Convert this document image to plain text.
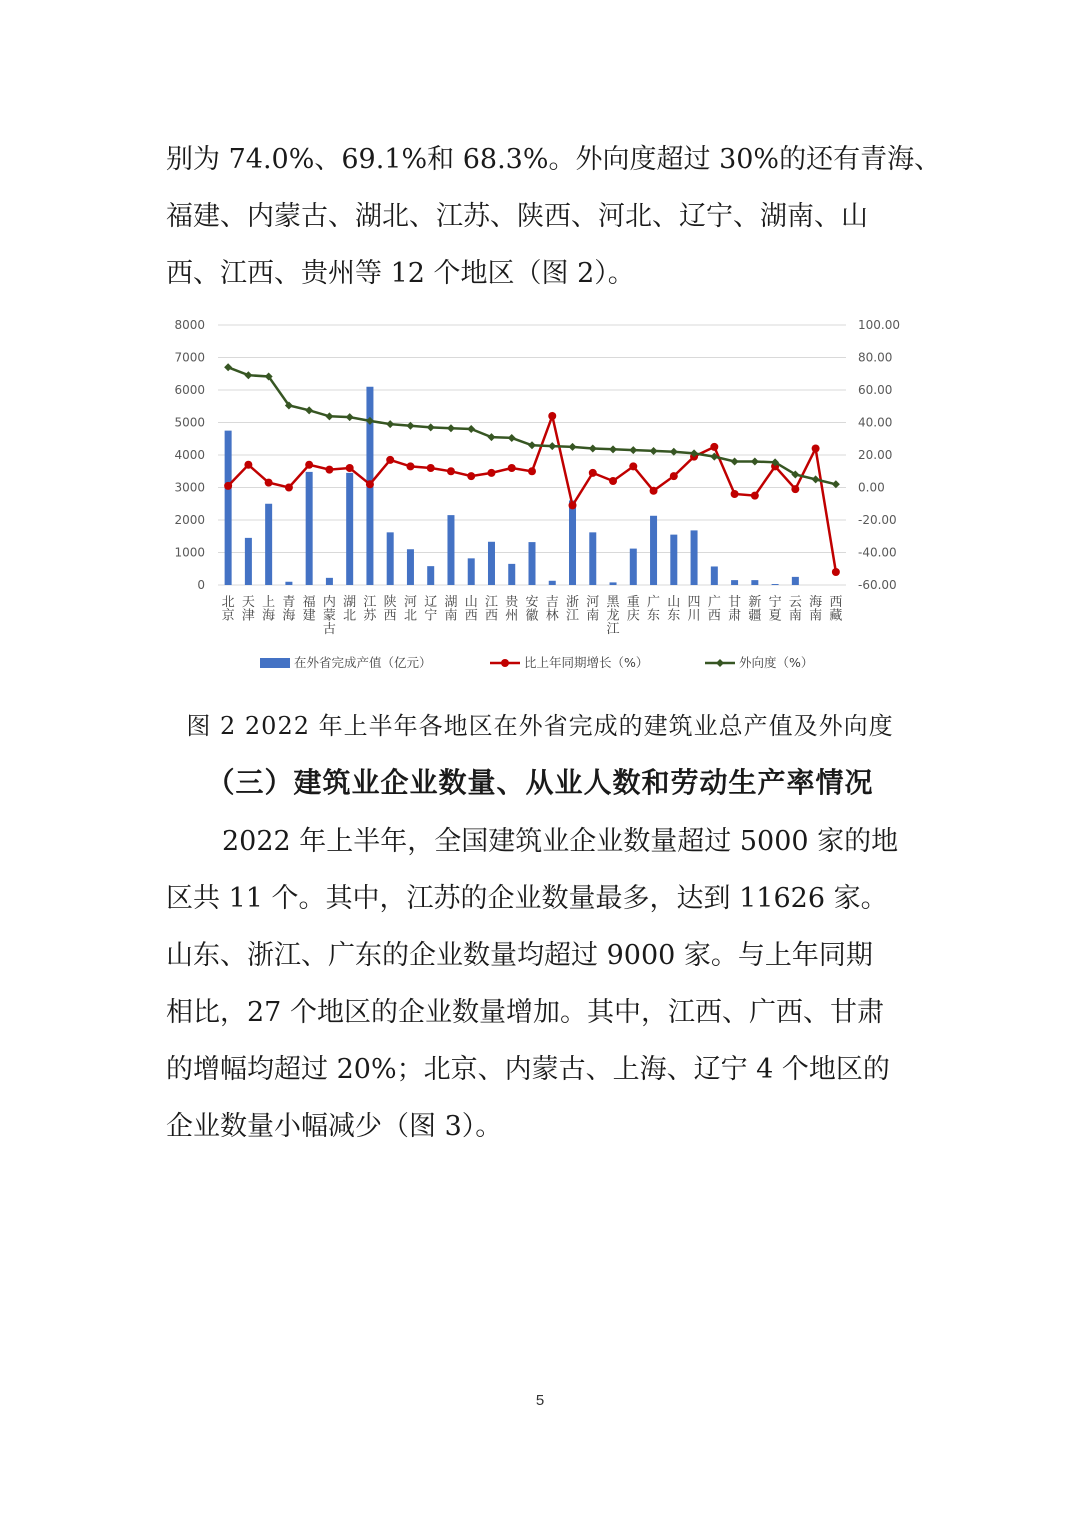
别为 74.0%、69.1%和 68.3%。外向度超过 30%的还有青海、
福建、内蒙古、湖北、江苏、陕西、河北、辽宁、湖南、山
西、江西、贵州等 12 个地区（图 2）。
0
1000
2000
3000
4000
5000
6000
7000
8000
-60.00
-40.00
-20.00
0.00
20.00
40.00
60.00
80.00
100.00
北
京
天
津
上
海
青
海
福
建
内
蒙
古
湖
北
江
苏
陕
西
河
北
辽
宁
湖
南
山
西
江
西
贵
州
安
徽
吉
林
浙
江
河
南
黑
龙
江
重
庆
广
东
山
东
四
川
广
西
甘
肃
新
疆
宁
夏
云
南
海
南
西
藏
在外省完成产值（亿元）	比上年同期增长（%）	外向度（%）
图 2 2022 年上半年各地区在外省完成的建筑业总产值及外向度
（三）建筑业企业数量、从业人数和劳动生产率情况
2022 年上半年，全国建筑业企业数量超过 5000 家的地
区共 11 个。其中，江苏的企业数量最多，达到 11626 家。
山东、浙江、广东的企业数量均超过 9000 家。与上年同期
相比，27 个地区的企业数量增加。其中，江西、广西、甘肃
的增幅均超过 20%；北京、内蒙古、上海、辽宁 4 个地区的
企业数量小幅减少（图 3）。
5
